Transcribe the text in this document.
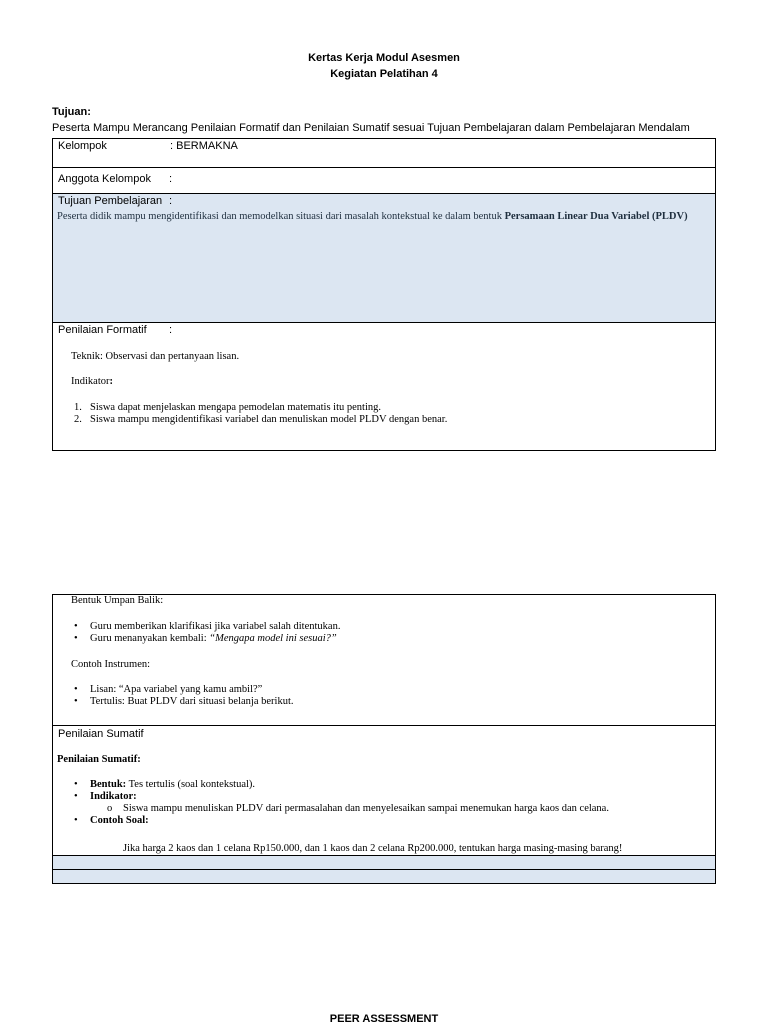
Kertas Kerja Modul Asesmen
Kegiatan Pelatihan 4
Tujuan:
Peserta Mampu Merancang Penilaian Formatif dan Penilaian Sumatif sesuai Tujuan Pembelajaran dalam Pembelajaran Mendalam
Kelompok	: BERMAKNA
Anggota Kelompok :
Tujuan Pembelajaran :
Peserta didik mampu mengidentifikasi dan memodelkan situasi dari masalah kontekstual ke dalam bentuk Persamaan Linear Dua Variabel (PLDV)
Penilaian Formatif :
Teknik: Observasi dan pertanyaan lisan.
Indikator:
1. Siswa dapat menjelaskan mengapa pemodelan matematis itu penting.
2. Siswa mampu mengidentifikasi variabel dan menuliskan model PLDV dengan benar.
Bentuk Umpan Balik:
• Guru memberikan klarifikasi jika variabel salah ditentukan.
• Guru menanyakan kembali: “Mengapa model ini sesuai?”
Contoh Instrumen:
• Lisan: “Apa variabel yang kamu ambil?”
• Tertulis: Buat PLDV dari situasi belanja berikut.
Penilaian Sumatif
Penilaian Sumatif:
• Bentuk: Tes tertulis (soal kontekstual).
• Indikator:
o Siswa mampu menuliskan PLDV dari permasalahan dan menyelesaikan sampai menemukan harga kaos dan celana.
• Contoh Soal:
Jika harga 2 kaos dan 1 celana Rp150.000, dan 1 kaos dan 2 celana Rp200.000, tentukan harga masing-masing barang!
PEER ASSESSMENT
